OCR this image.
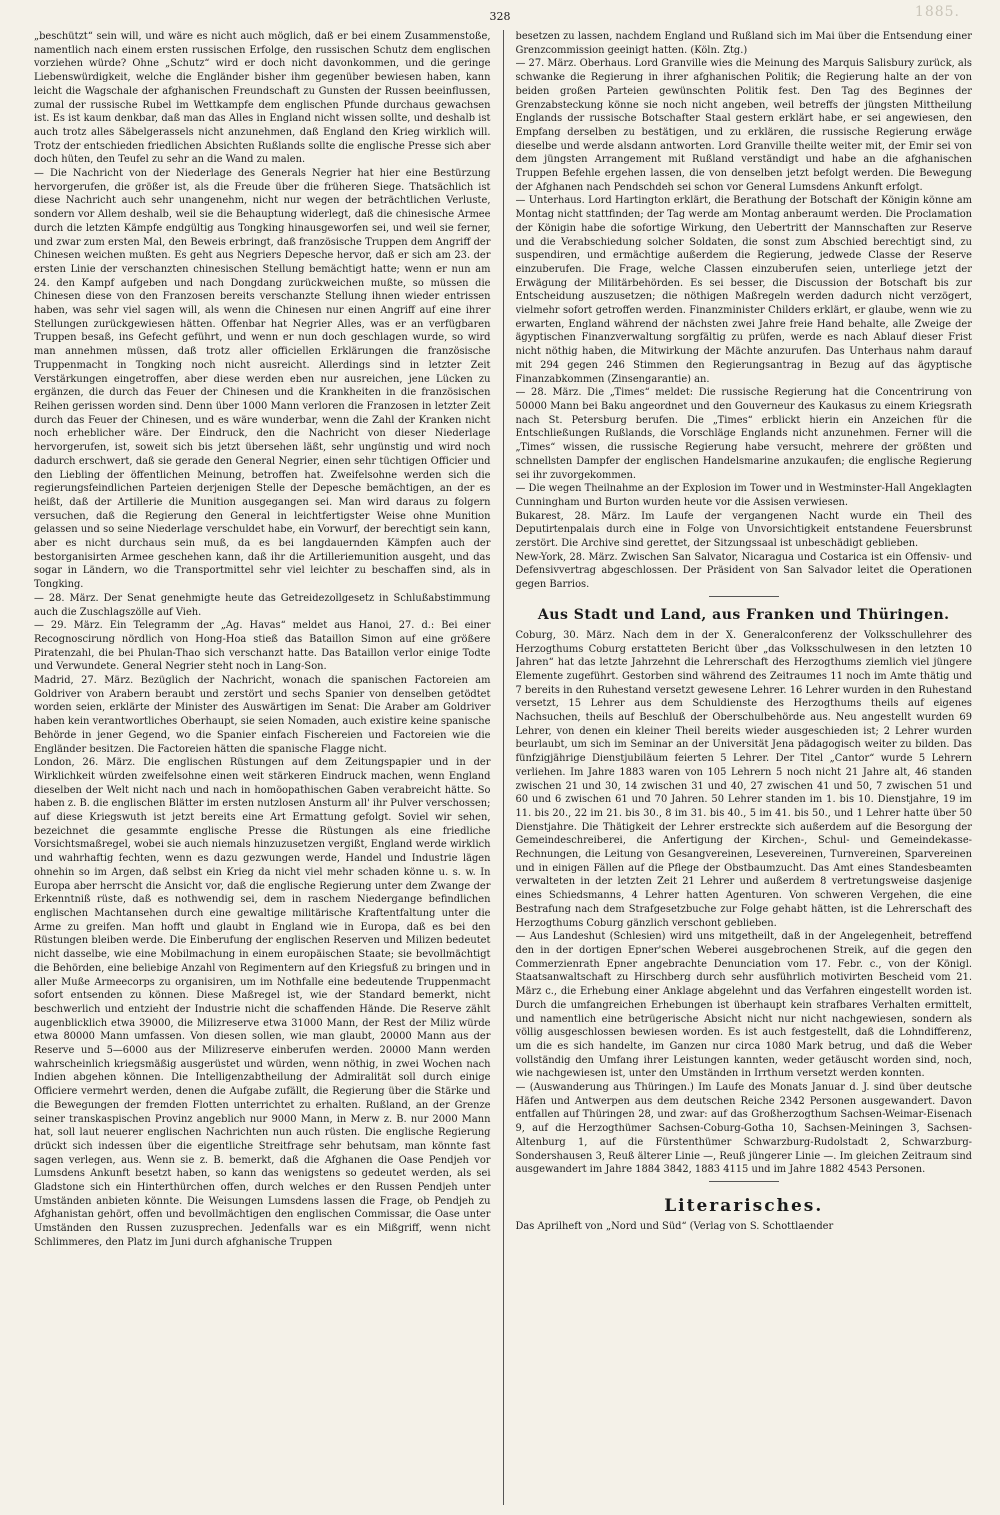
1885.
328

„beschützt“ sein will, und wäre es nicht auch möglich, daß er bei einem Zusammenstoße, namentlich nach einem ersten russischen Erfolge, den russischen Schutz dem englischen vorziehen würde? Ohne „Schutz“ wird er doch nicht davonkommen, und die geringe Liebenswürdigkeit, welche die Engländer bisher ihm gegenüber bewiesen haben, kann leicht die Wagschale der afghanischen Freundschaft zu Gunsten der Russen beeinflussen, zumal der russische Rubel im Wettkampfe dem englischen Pfunde durchaus gewachsen ist. Es ist kaum denkbar, daß man das Alles in England nicht wissen sollte, und deshalb ist auch trotz alles Säbelgerassels nicht anzunehmen, daß England den Krieg wirklich will. Trotz der entschieden friedlichen Absichten Rußlands sollte die englische Presse sich aber doch hüten, den Teufel zu sehr an die Wand zu malen.

— Die Nachricht von der Niederlage des Generals Negrier hat hier eine Bestürzung hervorgerufen, die größer ist, als die Freude über die früheren Siege. Thatsächlich ist diese Nachricht auch sehr unangenehm, nicht nur wegen der beträchtlichen Verluste, sondern vor Allem deshalb, weil sie die Behauptung widerlegt, daß die chinesische Armee durch die letzten Kämpfe endgültig aus Tongking hinausgeworfen sei, und weil sie ferner, und zwar zum ersten Mal, den Beweis erbringt, daß französische Truppen dem Angriff der Chinesen weichen mußten. Es geht aus Negriers Depesche hervor, daß er sich am 23. der ersten Linie der verschanzten chinesischen Stellung bemächtigt hatte; wenn er nun am 24. den Kampf aufgeben und nach Dongdang zurückweichen mußte, so müssen die Chinesen diese von den Franzosen bereits verschanzte Stellung ihnen wieder entrissen haben, was sehr viel sagen will, als wenn die Chinesen nur einen Angriff auf eine ihrer Stellungen zurückgewiesen hätten. Offenbar hat Negrier Alles, was er an verfügbaren Truppen besaß, ins Gefecht geführt, und wenn er nun doch geschlagen wurde, so wird man annehmen müssen, daß trotz aller officiellen Erklärungen die französische Truppenmacht in Tongking noch nicht ausreicht. Allerdings sind in letzter Zeit Verstärkungen eingetroffen, aber diese werden eben nur ausreichen, jene Lücken zu ergänzen, die durch das Feuer der Chinesen und die Krankheiten in die französischen Reihen gerissen worden sind. Denn über 1000 Mann verloren die Franzosen in letzter Zeit durch das Feuer der Chinesen, und es wäre wunderbar, wenn die Zahl der Kranken nicht noch erheblicher wäre. Der Eindruck, den die Nachricht von dieser Niederlage hervorgerufen, ist, soweit sich bis jetzt übersehen läßt, sehr ungünstig und wird noch dadurch erschwert, daß sie gerade den General Negrier, einen sehr tüchtigen Officier und den Liebling der öffentlichen Meinung, betroffen hat. Zweifelsohne werden sich die regierungsfeindlichen Parteien derjenigen Stelle der Depesche bemächtigen, an der es heißt, daß der Artillerie die Munition ausgegangen sei. Man wird daraus zu folgern versuchen, daß die Regierung den General in leichtfertigster Weise ohne Munition gelassen und so seine Niederlage verschuldet habe, ein Vorwurf, der berechtigt sein kann, aber es nicht durchaus sein muß, da es bei langdauernden Kämpfen auch der bestorganisirten Armee geschehen kann, daß ihr die Artilleriemunition ausgeht, und das sogar in Ländern, wo die Transportmittel sehr viel leichter zu beschaffen sind, als in Tongking.

— 28. März. Der Senat genehmigte heute das Getreidezollgesetz in Schlußabstimmung auch die Zuschlagszölle auf Vieh.

— 29. März. Ein Telegramm der „Ag. Havas“ meldet aus Hanoi, 27. d.: Bei einer Recognoscirung nördlich von Hong-Hoa stieß das Bataillon Simon auf eine größere Piratenzahl, die bei Phulan-Thao sich verschanzt hatte. Das Bataillon verlor einige Todte und Verwundete. General Negrier steht noch in Lang-Son.

Madrid, 27. März. Bezüglich der Nachricht, wonach die spanischen Factoreien am Goldriver von Arabern beraubt und zerstört und sechs Spanier von denselben getödtet worden seien, erklärte der Minister des Auswärtigen im Senat: Die Araber am Goldriver haben kein verantwortliches Oberhaupt, sie seien Nomaden, auch existire keine spanische Behörde in jener Gegend, wo die Spanier einfach Fischereien und Factoreien wie die Engländer besitzen. Die Factoreien hätten die spanische Flagge nicht.

London, 26. März. Die englischen Rüstungen auf dem Zeitungspapier und in der Wirklichkeit würden zweifelsohne einen weit stärkeren Eindruck machen, wenn England dieselben der Welt nicht nach und nach in homöopathischen Gaben verabreicht hätte. So haben z. B. die englischen Blätter im ersten nutzlosen Ansturm all' ihr Pulver verschossen; auf diese Kriegswuth ist jetzt bereits eine Art Ermattung gefolgt. Soviel wir sehen, bezeichnet die gesammte englische Presse die Rüstungen als eine friedliche Vorsichtsmaßregel, wobei sie auch niemals hinzuzusetzen vergißt, England werde wirklich und wahrhaftig fechten, wenn es dazu gezwungen werde, Handel und Industrie lägen ohnehin so im Argen, daß selbst ein Krieg da nicht viel mehr schaden könne u. s. w. In Europa aber herrscht die Ansicht vor, daß die englische Regierung unter dem Zwange der Erkenntniß rüste, daß es nothwendig sei, dem in raschem Niedergange befindlichen englischen Machtansehen durch eine gewaltige militärische Kraftentfaltung unter die Arme zu greifen. Man hofft und glaubt in England wie in Europa, daß es bei den Rüstungen bleiben werde. Die Einberufung der englischen Reserven und Milizen bedeutet nicht dasselbe, wie eine Mobilmachung in einem europäischen Staate; sie bevollmächtigt die Behörden, eine beliebige Anzahl von Regimentern auf den Kriegsfuß zu bringen und in aller Muße Armeecorps zu organisiren, um im Nothfalle eine bedeutende Truppenmacht sofort entsenden zu können. Diese Maßregel ist, wie der Standard bemerkt, nicht beschwerlich und entzieht der Industrie nicht die schaffenden Hände. Die Reserve zählt augenblicklich etwa 39000, die Milizreserve etwa 31000 Mann, der Rest der Miliz würde etwa 80000 Mann umfassen. Von diesen sollen, wie man glaubt, 20000 Mann aus der Reserve und 5—6000 aus der Milizreserve einberufen werden. 20000 Mann werden wahrscheinlich kriegsmäßig ausgerüstet und würden, wenn nöthig, in zwei Wochen nach Indien abgehen können. Die Intelligenzabtheilung der Admiralität soll durch einige Officiere vermehrt werden, denen die Aufgabe zufällt, die Regierung über die Stärke und die Bewegungen der fremden Flotten unterrichtet zu erhalten. Rußland, an der Grenze seiner transkaspischen Provinz angeblich nur 9000 Mann, in Merw z. B. nur 2000 Mann hat, soll laut neuerer englischen Nachrichten nun auch rüsten. Die englische Regierung drückt sich indessen über die eigentliche Streitfrage sehr behutsam, man könnte fast sagen verlegen, aus. Wenn sie z. B. bemerkt, daß die Afghanen die Oase Pendjeh vor Lumsdens Ankunft besetzt haben, so kann das wenigstens so gedeutet werden, als sei Gladstone sich ein Hinterthürchen offen, durch welches er den Russen Pendjeh unter Umständen anbieten könnte. Die Weisungen Lumsdens lassen die Frage, ob Pendjeh zu Afghanistan gehört, offen und bevollmächtigen den englischen Commissar, die Oase unter Umständen den Russen zuzusprechen. Jedenfalls war es ein Mißgriff, wenn nicht Schlimmeres, den Platz im Juni durch afghanische Truppen

besetzen zu lassen, nachdem England und Rußland sich im Mai über die Entsendung einer Grenzcommission geeinigt hatten. (Köln. Ztg.)

— 27. März. Oberhaus. Lord Granville wies die Meinung des Marquis Salisbury zurück, als schwanke die Regierung in ihrer afghanischen Politik; die Regierung halte an der von beiden großen Parteien gewünschten Politik fest. Den Tag des Beginnes der Grenzabsteckung könne sie noch nicht angeben, weil betreffs der jüngsten Mittheilung Englands der russische Botschafter Staal gestern erklärt habe, er sei angewiesen, den Empfang derselben zu bestätigen, und zu erklären, die russische Regierung erwäge dieselbe und werde alsdann antworten. Lord Granville theilte weiter mit, der Emir sei von dem jüngsten Arrangement mit Rußland verständigt und habe an die afghanischen Truppen Befehle ergehen lassen, die von denselben jetzt befolgt werden. Die Bewegung der Afghanen nach Pendschdeh sei schon vor General Lumsdens Ankunft erfolgt.

— Unterhaus. Lord Hartington erklärt, die Berathung der Botschaft der Königin könne am Montag nicht stattfinden; der Tag werde am Montag anberaumt werden. Die Proclamation der Königin habe die sofortige Wirkung, den Uebertritt der Mannschaften zur Reserve und die Verabschiedung solcher Soldaten, die sonst zum Abschied berechtigt sind, zu suspendiren, und ermächtige außerdem die Regierung, jedwede Classe der Reserve einzuberufen. Die Frage, welche Classen einzuberufen seien, unterliege jetzt der Erwägung der Militärbehörden. Es sei besser, die Discussion der Botschaft bis zur Entscheidung auszusetzen; die nöthigen Maßregeln werden dadurch nicht verzögert, vielmehr sofort getroffen werden. Finanzminister Childers erklärt, er glaube, wenn wie zu erwarten, England während der nächsten zwei Jahre freie Hand behalte, alle Zweige der ägyptischen Finanzverwaltung sorgfältig zu prüfen, werde es nach Ablauf dieser Frist nicht nöthig haben, die Mitwirkung der Mächte anzurufen. Das Unterhaus nahm darauf mit 294 gegen 246 Stimmen den Regierungsantrag in Bezug auf das ägyptische Finanzabkommen (Zinsengarantie) an.

— 28. März. Die „Times“ meldet: Die russische Regierung hat die Concentrirung von 50000 Mann bei Baku angeordnet und den Gouverneur des Kaukasus zu einem Kriegsrath nach St. Petersburg berufen. Die „Times“ erblickt hierin ein Anzeichen für die Entschließungen Rußlands, die Vorschläge Englands nicht anzunehmen. Ferner will die „Times“ wissen, die russische Regierung habe versucht, mehrere der größten und schnellsten Dampfer der englischen Handelsmarine anzukaufen; die englische Regierung sei ihr zuvorgekommen.

— Die wegen Theilnahme an der Explosion im Tower und in Westminster-Hall Angeklagten Cunningham und Burton wurden heute vor die Assisen verwiesen.

Bukarest, 28. März. Im Laufe der vergangenen Nacht wurde ein Theil des Deputirtenpalais durch eine in Folge von Unvorsichtigkeit entstandene Feuersbrunst zerstört. Die Archive sind gerettet, der Sitzungssaal ist unbeschädigt geblieben.

New-York, 28. März. Zwischen San Salvator, Nicaragua und Costarica ist ein Offensiv- und Defensivvertrag abgeschlossen. Der Präsident von San Salvador leitet die Operationen gegen Barrios.

Aus Stadt und Land, aus Franken und Thüringen.

Coburg, 30. März. Nach dem in der X. Generalconferenz der Volksschullehrer des Herzogthums Coburg erstatteten Bericht über „das Volksschulwesen in den letzten 10 Jahren“ hat das letzte Jahrzehnt die Lehrerschaft des Herzogthums ziemlich viel jüngere Elemente zugeführt. Gestorben sind während des Zeitraumes 11 noch im Amte thätig und 7 bereits in den Ruhestand versetzt gewesene Lehrer. 16 Lehrer wurden in den Ruhestand versetzt, 15 Lehrer aus dem Schuldienste des Herzogthums theils auf eigenes Nachsuchen, theils auf Beschluß der Oberschulbehörde aus. Neu angestellt wurden 69 Lehrer, von denen ein kleiner Theil bereits wieder ausgeschieden ist; 2 Lehrer wurden beurlaubt, um sich im Seminar an der Universität Jena pädagogisch weiter zu bilden. Das fünfzigjährige Dienstjubiläum feierten 5 Lehrer. Der Titel „Cantor“ wurde 5 Lehrern verliehen. Im Jahre 1883 waren von 105 Lehrern 5 noch nicht 21 Jahre alt, 46 standen zwischen 21 und 30, 14 zwischen 31 und 40, 27 zwischen 41 und 50, 7 zwischen 51 und 60 und 6 zwischen 61 und 70 Jahren. 50 Lehrer standen im 1. bis 10. Dienstjahre, 19 im 11. bis 20., 22 im 21. bis 30., 8 im 31. bis 40., 5 im 41. bis 50., und 1 Lehrer hatte über 50 Dienstjahre. Die Thätigkeit der Lehrer erstreckte sich außerdem auf die Besorgung der Gemeindeschreiberei, die Anfertigung der Kirchen-, Schul- und Gemeindekasse-Rechnungen, die Leitung von Gesangvereinen, Lesevereinen, Turnvereinen, Sparvereinen und in einigen Fällen auf die Pflege der Obstbaumzucht. Das Amt eines Standesbeamten verwalteten in der letzten Zeit 21 Lehrer und außerdem 8 vertretungsweise dasjenige eines Schiedsmanns, 4 Lehrer hatten Agenturen. Von schweren Vergehen, die eine Bestrafung nach dem Strafgesetzbuche zur Folge gehabt hätten, ist die Lehrerschaft des Herzogthums Coburg gänzlich verschont geblieben.

— Aus Landeshut (Schlesien) wird uns mitgetheilt, daß in der Angelegenheit, betreffend den in der dortigen Epner'schen Weberei ausgebrochenen Streik, auf die gegen den Commerzienrath Epner angebrachte Denunciation vom 17. Febr. c., von der Königl. Staatsanwaltschaft zu Hirschberg durch sehr ausführlich motivirten Bescheid vom 21. März c., die Erhebung einer Anklage abgelehnt und das Verfahren eingestellt worden ist. Durch die umfangreichen Erhebungen ist überhaupt kein strafbares Verhalten ermittelt, und namentlich eine betrügerische Absicht nicht nur nicht nachgewiesen, sondern als völlig ausgeschlossen bewiesen worden. Es ist auch festgestellt, daß die Lohndifferenz, um die es sich handelte, im Ganzen nur circa 1080 Mark betrug, und daß die Weber vollständig den Umfang ihrer Leistungen kannten, weder getäuscht worden sind, noch, wie nachgewiesen ist, unter den Umständen in Irrthum versetzt werden konnten.

— (Auswanderung aus Thüringen.) Im Laufe des Monats Januar d. J. sind über deutsche Häfen und Antwerpen aus dem deutschen Reiche 2342 Personen ausgewandert. Davon entfallen auf Thüringen 28, und zwar: auf das Großherzogthum Sachsen-Weimar-Eisenach 9, auf die Herzogthümer Sachsen-Coburg-Gotha 10, Sachsen-Meiningen 3, Sachsen-Altenburg 1, auf die Fürstenthümer Schwarzburg-Rudolstadt 2, Schwarzburg-Sondershausen 3, Reuß älterer Linie —, Reuß jüngerer Linie —. Im gleichen Zeitraum sind ausgewandert im Jahre 1884 3842, 1883 4115 und im Jahre 1882 4543 Personen.

Literarisches.

Das Aprilheft von „Nord und Süd“ (Verlag von S. Schottlaender
